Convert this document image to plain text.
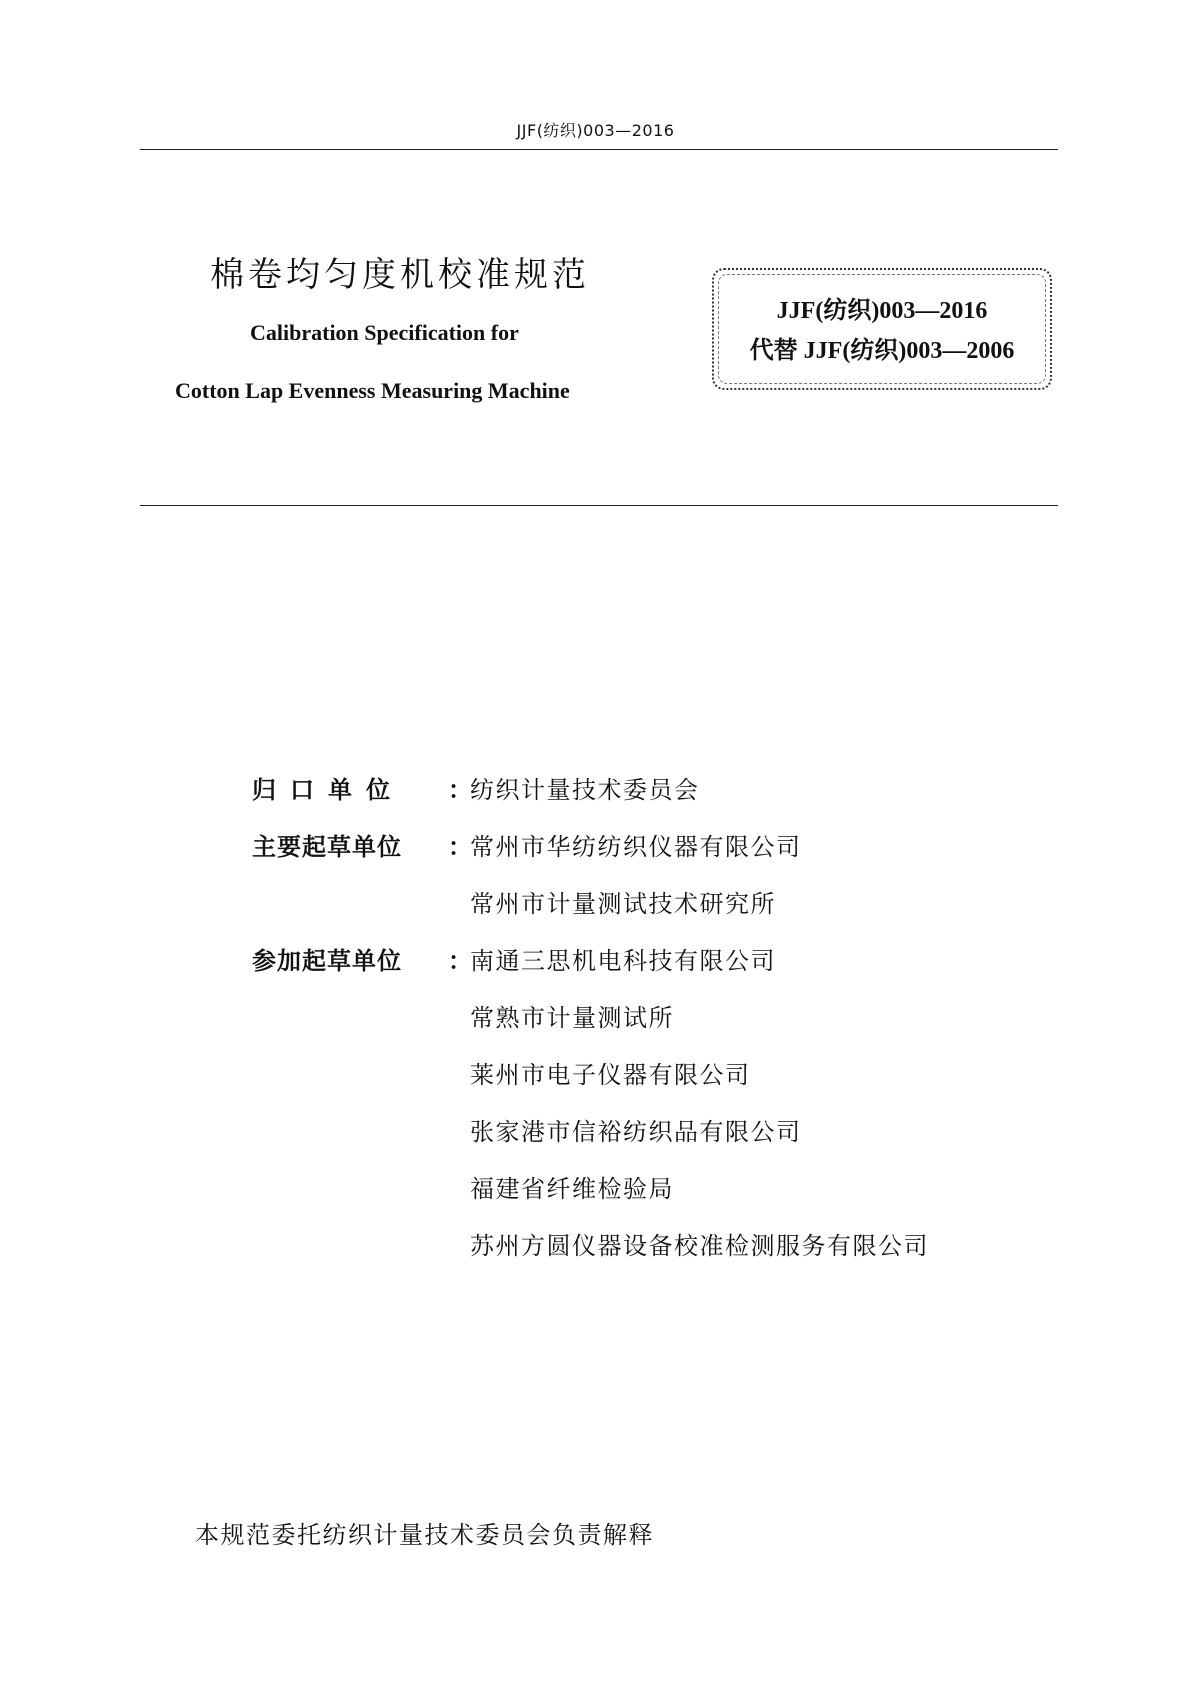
JJF(纺织)003—2016
棉卷均匀度机校准规范
Calibration Specification for
Cotton Lap Evenness Measuring Machine
JJF(纺织)003—2016
代替 JJF(纺织)003—2006
归口单位	：
纺织计量技术委员会
主要起草单位	：
常州市华纺纺织仪器有限公司
常州市计量测试技术研究所
参加起草单位	：
南通三思机电科技有限公司
常熟市计量测试所
莱州市电子仪器有限公司
张家港市信裕纺织品有限公司
福建省纤维检验局
苏州方圆仪器设备校准检测服务有限公司
本规范委托纺织计量技术委员会负责解释
